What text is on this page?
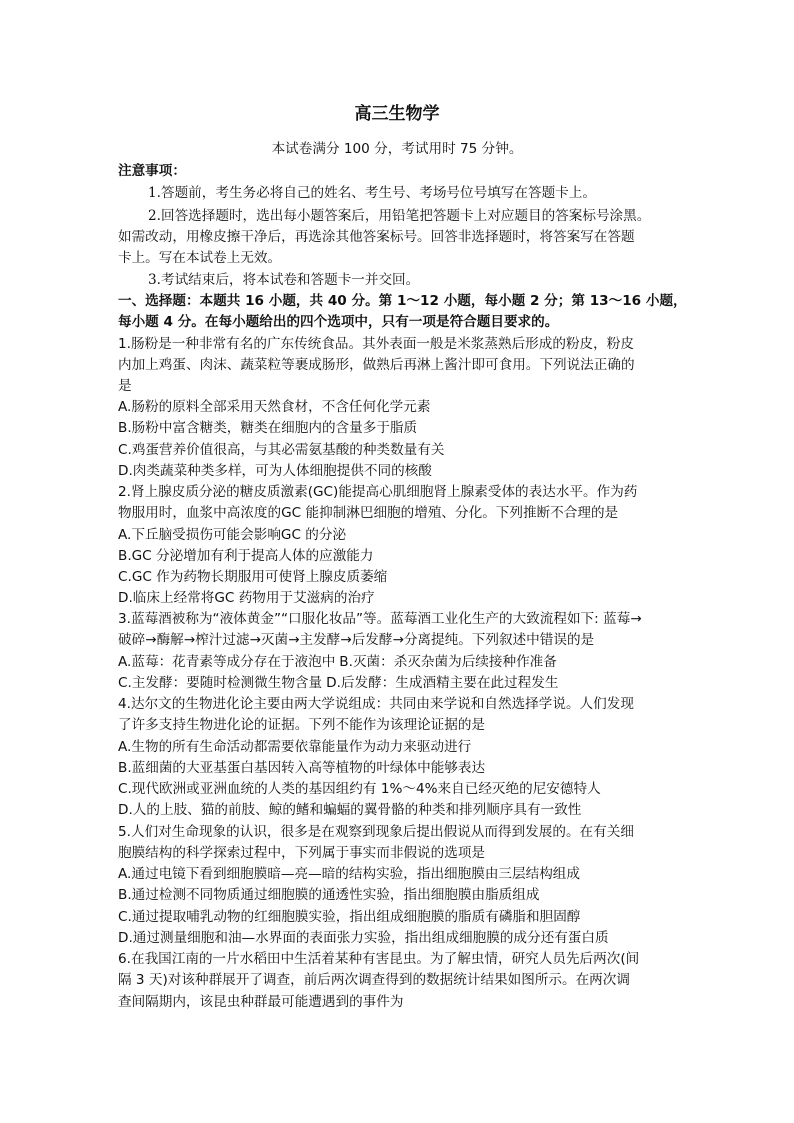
高三生物学
本试卷满分 100 分，考试用时 75 分钟。
注意事项：
1.答题前，考生务必将自己的姓名、考生号、考场号位号填写在答题卡上。
2.回答选择题时，选出每小题答案后，用铅笔把答题卡上对应题目的答案标号涂黑。
如需改动，用橡皮擦干净后，再选涂其他答案标号。回答非选择题时，将答案写在答题
卡上。写在本试卷上无效。
3.考试结束后，将本试卷和答题卡一并交回。
一、选择题：本题共 16 小题，共 40 分。第 1～12 小题，每小题 2 分；第 13～16 小题，
每小题 4 分。在每小题给出的四个选项中，只有一项是符合题目要求的。
1.肠粉是一种非常有名的广东传统食品。其外表面一般是米浆蒸熟后形成的粉皮，粉皮
内加上鸡蛋、肉沫、蔬菜粒等裹成肠形，做熟后再淋上酱汁即可食用。下列说法正确的
是
A.肠粉的原料全部采用天然食材，不含任何化学元素
B.肠粉中富含糖类，糖类在细胞内的含量多于脂质
C.鸡蛋营养价值很高，与其必需氨基酸的种类数量有关
D.肉类蔬菜种类多样，可为人体细胞提供不同的核酸
2.肾上腺皮质分泌的糖皮质激素(GC)能提高心肌细胞肾上腺素受体的表达水平。作为药
物服用时，血浆中高浓度的GC 能抑制淋巴细胞的增殖、分化。下列推断不合理的是
A.下丘脑受损伤可能会影响GC 的分泌
B.GC 分泌增加有利于提高人体的应激能力
C.GC 作为药物长期服用可使肾上腺皮质萎缩
D.临床上经常将GC 药物用于艾滋病的治疗
3.蓝莓酒被称为“液体黄金”“口服化妆品”等。蓝莓酒工业化生产的大致流程如下: 蓝莓→
破碎→酶解→榨汁过滤→灭菌→主发酵→后发酵→分离提纯。下列叙述中错误的是
A.蓝莓：花青素等成分存在于液泡中 B.灭菌：杀灭杂菌为后续接种作准备
C.主发酵：要随时检测微生物含量 D.后发酵：生成酒精主要在此过程发生
4.达尔文的生物进化论主要由两大学说组成：共同由来学说和自然选择学说。人们发现
了许多支持生物进化论的证据。下列不能作为该理论证据的是
A.生物的所有生命活动都需要依靠能量作为动力来驱动进行
B.蓝细菌的大亚基蛋白基因转入高等植物的叶绿体中能够表达
C.现代欧洲或亚洲血统的人类的基因组约有 1%～4%来自已经灭绝的尼安德特人
D.人的上肢、猫的前肢、鲸的鳍和蝙蝠的翼骨骼的种类和排列顺序具有一致性
5.人们对生命现象的认识，很多是在观察到现象后提出假说从而得到发展的。在有关细
胞膜结构的科学探索过程中，下列属于事实而非假说的选项是
A.通过电镜下看到细胞膜暗—亮—暗的结构实验，指出细胞膜由三层结构组成
B.通过检测不同物质通过细胞膜的通透性实验，指出细胞膜由脂质组成
C.通过提取哺乳动物的红细胞膜实验，指出组成细胞膜的脂质有磷脂和胆固醇
D.通过测量细胞和油—水界面的表面张力实验，指出组成细胞膜的成分还有蛋白质
6.在我国江南的一片水稻田中生活着某种有害昆虫。为了解虫情，研究人员先后两次(间
隔 3 天)对该种群展开了调查，前后两次调查得到的数据统计结果如图所示。在两次调
查间隔期内，该昆虫种群最可能遭遇到的事件为
